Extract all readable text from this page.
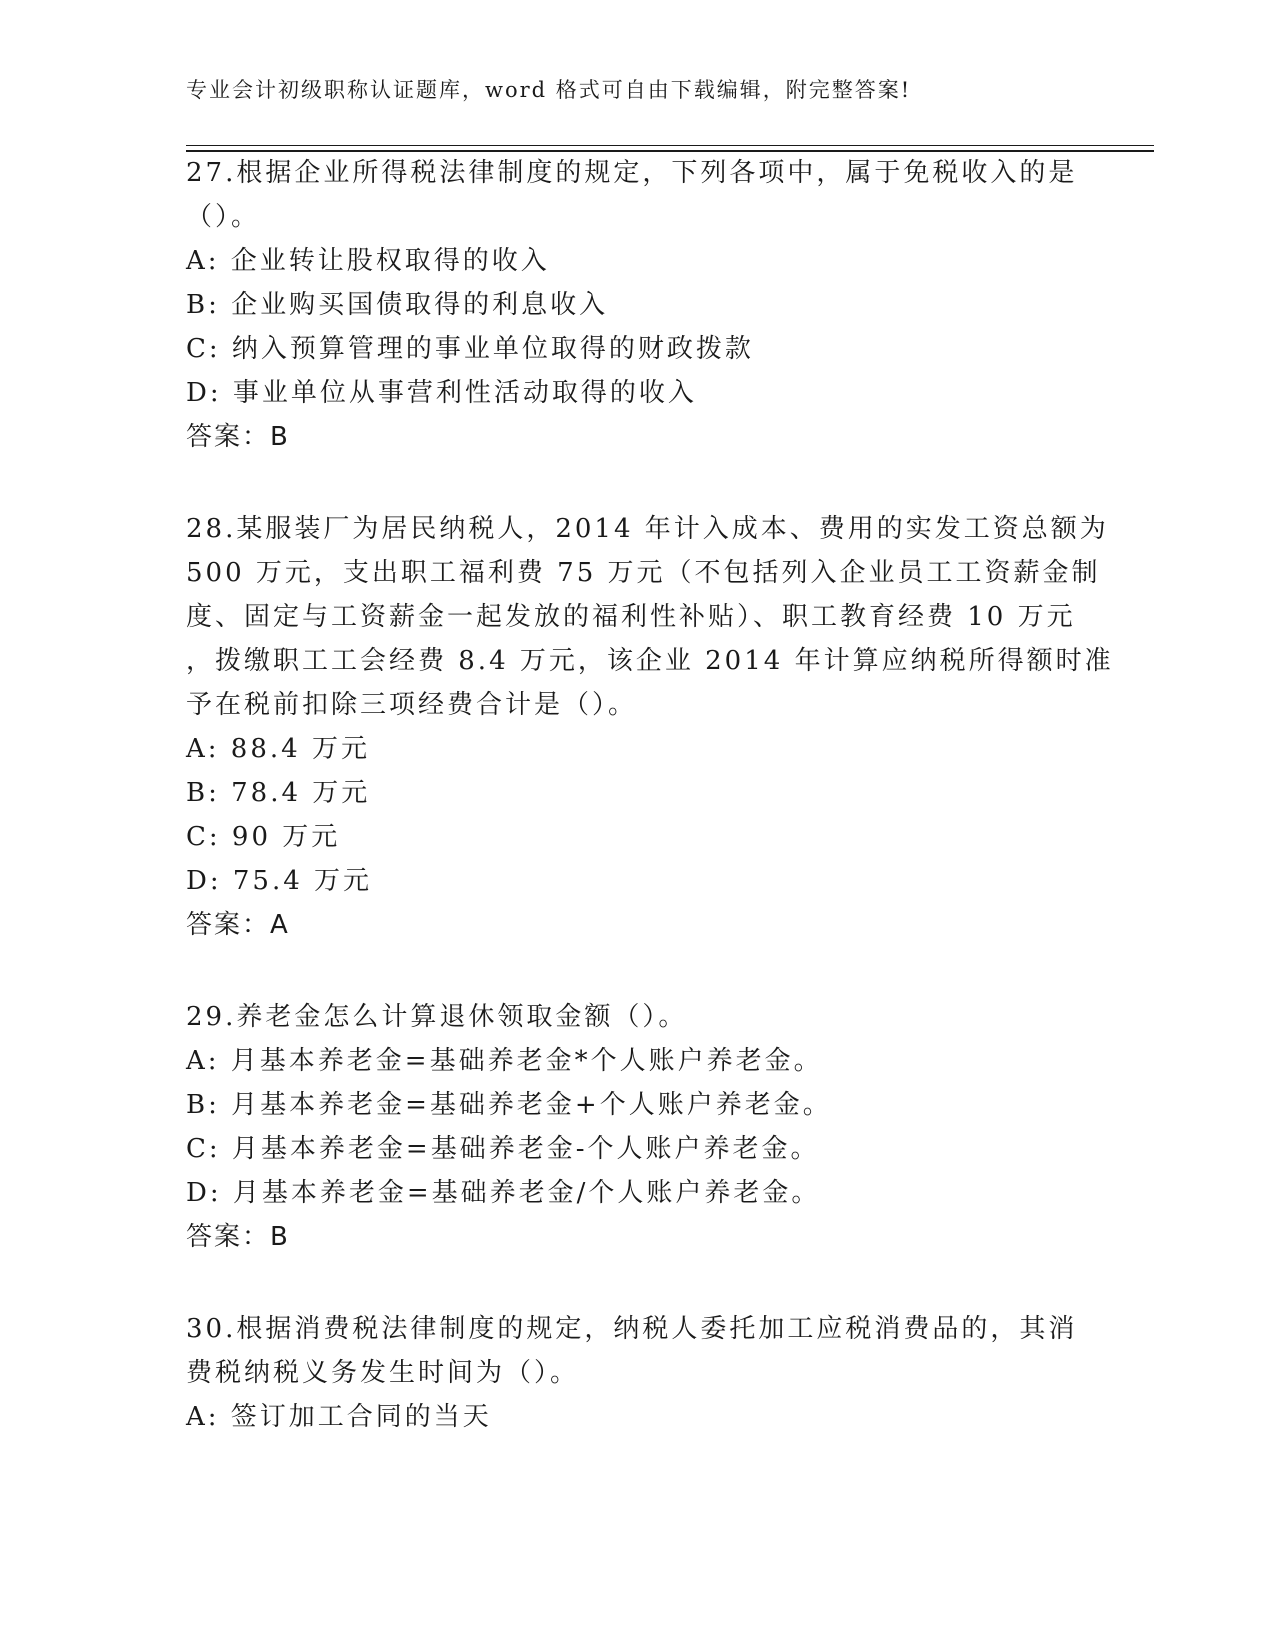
专业会计初级职称认证题库，word 格式可自由下载编辑，附完整答案!
27.根据企业所得税法律制度的规定，下列各项中，属于免税收入的是
（）。
A: 企业转让股权取得的收入
B: 企业购买国债取得的利息收入
C: 纳入预算管理的事业单位取得的财政拨款
D: 事业单位从事营利性活动取得的收入
答案：B
28.某服装厂为居民纳税人，2014 年计入成本、费用的实发工资总额为
500 万元，支出职工福利费 75 万元（不包括列入企业员工工资薪金制
度、固定与工资薪金一起发放的福利性补贴）、职工教育经费 10 万元
，拨缴职工工会经费 8.4 万元，该企业 2014 年计算应纳税所得额时准
予在税前扣除三项经费合计是（）。
A: 88.4 万元
B: 78.4 万元
C: 90 万元
D: 75.4 万元
答案：A
29.养老金怎么计算退休领取金额（）。
A: 月基本养老金=基础养老金*个人账户养老金。
B: 月基本养老金=基础养老金+个人账户养老金。
C: 月基本养老金=基础养老金-个人账户养老金。
D: 月基本养老金=基础养老金/个人账户养老金。
答案：B
30.根据消费税法律制度的规定，纳税人委托加工应税消费品的，其消
费税纳税义务发生时间为（）。
A: 签订加工合同的当天
